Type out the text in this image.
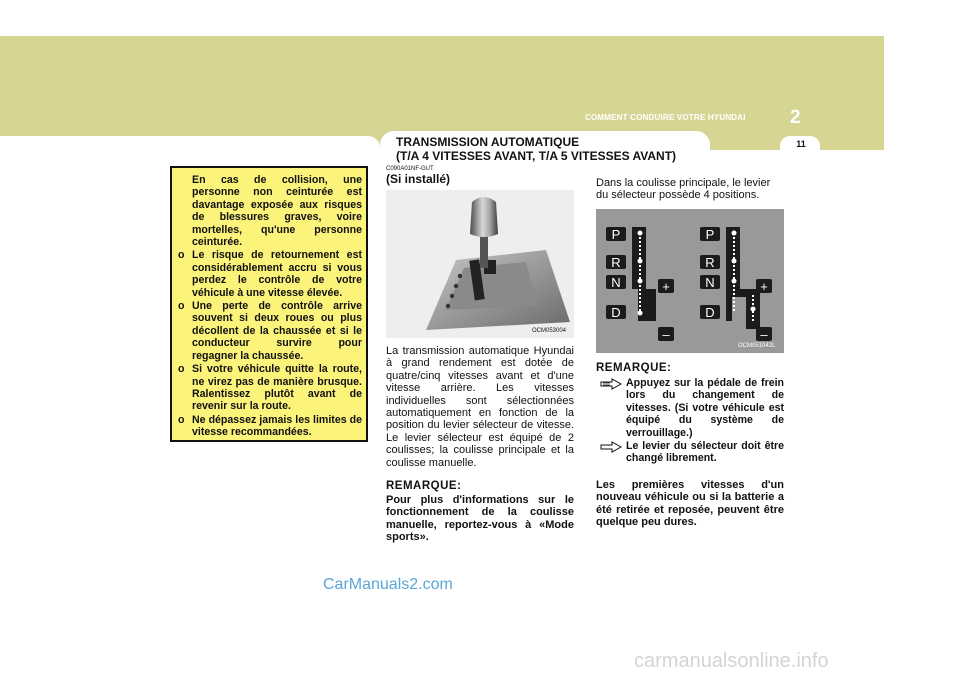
COMMENT CONDUIRE VOTRE HYUNDAI 2
11
TRANSMISSION AUTOMATIQUE
(T/A 4 VITESSES AVANT, T/A 5 VITESSES AVANT)

En cas de collision, une personne non ceinturée est davantage exposée aux risques de blessures graves, voire mortelles, qu'une personne ceinturée.

o Le risque de retournement est considérablement accru si vous perdez le contrôle de votre véhicule à une vitesse élevée.
o Une perte de contrôle arrive souvent si deux roues ou plus décollent de la chaussée et si le conducteur survire pour regagner la chaussée.
o Si votre véhicule quitte la route, ne virez pas de manière brusque. Ralentissez plutôt avant de revenir sur la route.
o Ne dépassez jamais les limites de vitesse recommandées.
C090A01NF-GUT
(Si installé)
OCM053004
La transmission automatique Hyundai à grand rendement est dotée de quatre/cinq vitesses avant et d'une vitesse arrière. Les vitesses individuelles sont sélectionnées automatiquement en fonction de la position du levier sélecteur de vitesse. Le levier sélecteur est équipé de 2 coulisses; la coulisse principale et la coulisse manuelle.
REMARQUE:
Pour plus d'informations sur le fonctionnement de la coulisse manuelle, reportez-vous à «Mode sports».
Dans la coulisse principale, le levier du sélecteur possède 4 positions.
P
R
N
D
+
–
P
R
N
D
+
–
OCM051042L
REMARQUE:
Appuyez sur la pédale de frein lors du changement de vitesses. (Si votre véhicule est équipé du système de verrouillage.)
Le levier du sélecteur doit être changé librement.
Les premières vitesses d'un nouveau véhicule ou si la batterie a été retirée et reposée, peuvent être quelque peu dures.
CarManuals2.com
carmanualsonline.info
